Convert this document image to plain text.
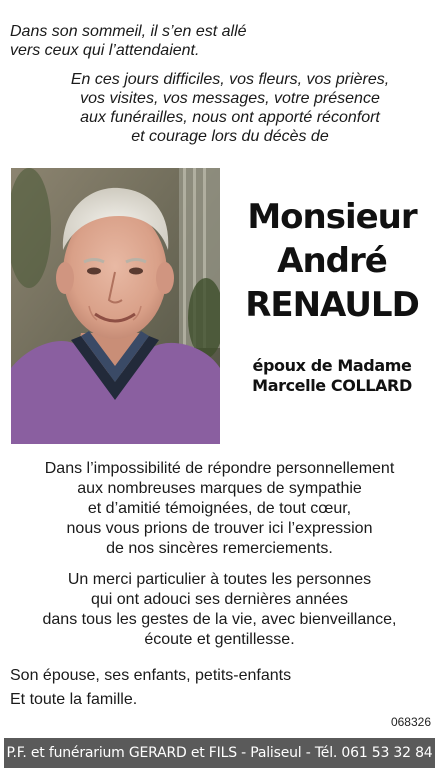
Dans son sommeil, il s’en est allé
vers ceux qui l’attendaient.
En ces jours difficiles, vos fleurs, vos prières,
vos visites, vos messages, votre présence
aux funérailles, nous ont apporté réconfort
et courage lors du décès de
Monsieur
André
RENAULD
époux de Madame
Marcelle COLLARD
Dans l’impossibilité de répondre personnellement
aux nombreuses marques de sympathie
et d’amitié témoignées, de tout cœur,
nous vous prions de trouver ici l’expression
de nos sincères remerciements.
Un merci particulier à toutes les personnes
qui ont adouci ses dernières années
dans tous les gestes de la vie, avec bienveillance,
écoute et gentillesse.
Son épouse, ses enfants, petits-enfants
Et toute la famille.
068326
P.F. et funérarium GERARD et FILS - Paliseul - Tél. 061 53 32 84
